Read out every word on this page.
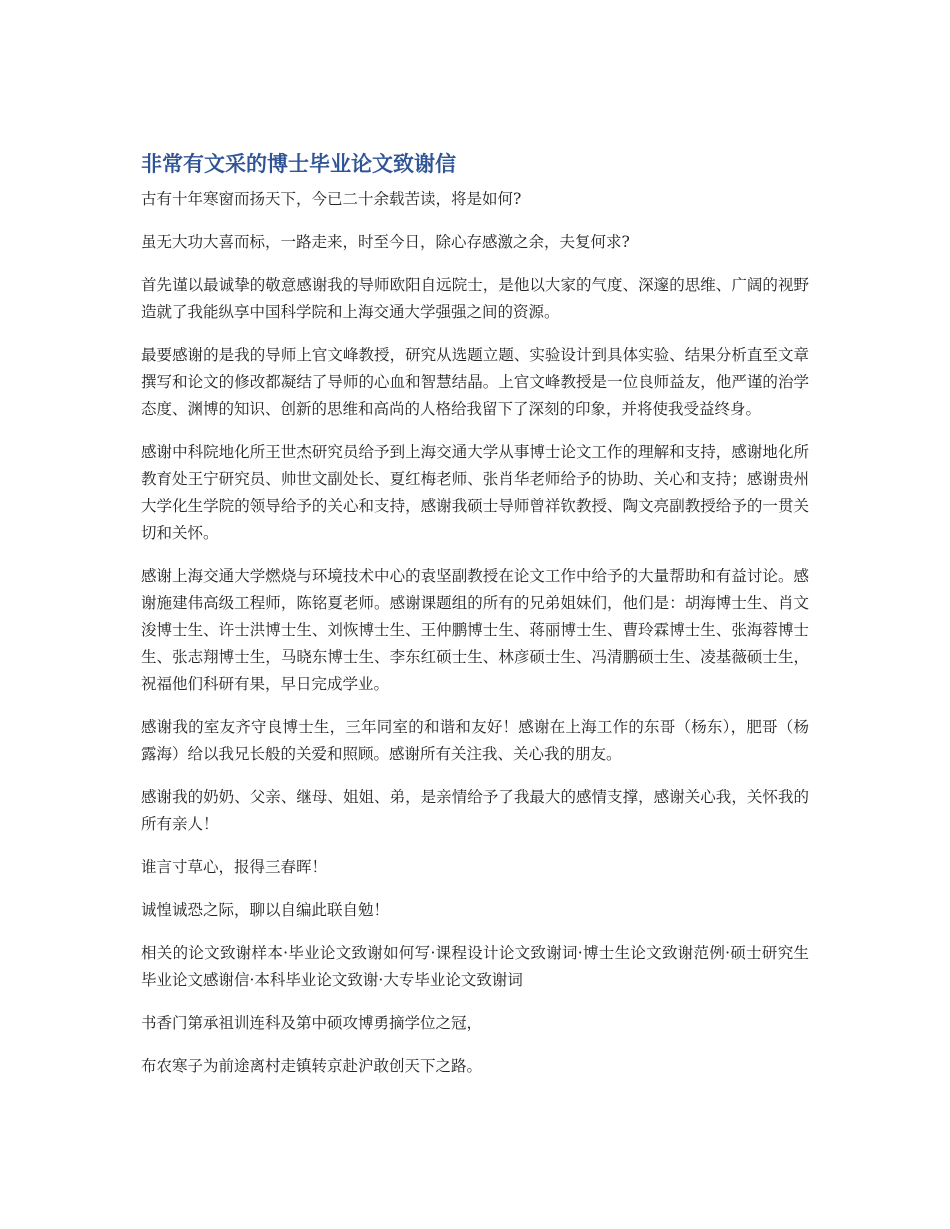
非常有文采的博士毕业论文致谢信

古有十年寒窗而扬天下，今已二十余载苦读，将是如何?

虽无大功大喜而标，一路走来，时至今日，除心存感激之余，夫复何求?

首先谨以最诚挚的敬意感谢我的导师欧阳自远院士，是他以大家的气度、深邃的思维、广阔的视野造就了我能纵享中国科学院和上海交通大学强强之间的资源。

最要感谢的是我的导师上官文峰教授，研究从选题立题、实验设计到具体实验、结果分析直至文章撰写和论文的修改都凝结了导师的心血和智慧结晶。上官文峰教授是一位良师益友，他严谨的治学态度、渊博的知识、创新的思维和高尚的人格给我留下了深刻的印象，并将使我受益终身。

感谢中科院地化所王世杰研究员给予到上海交通大学从事博士论文工作的理解和支持，感谢地化所教育处王宁研究员、帅世文副处长、夏红梅老师、张肖华老师给予的协助、关心和支持；感谢贵州大学化生学院的领导给予的关心和支持，感谢我硕士导师曾祥钦教授、陶文亮副教授给予的一贯关切和关怀。

感谢上海交通大学燃烧与环境技术中心的袁坚副教授在论文工作中给予的大量帮助和有益讨论。感谢施建伟高级工程师，陈铭夏老师。感谢课题组的所有的兄弟姐妹们，他们是：胡海博士生、肖文浚博士生、许士洪博士生、刘恢博士生、王仲鹏博士生、蒋丽博士生、曹玲霖博士生、张海蓉博士生、张志翔博士生，马晓东博士生、李东红硕士生、林彦硕士生、冯清鹏硕士生、凌基薇硕士生，祝福他们科研有果，早日完成学业。

感谢我的室友齐守良博士生，三年同室的和谐和友好！感谢在上海工作的东哥（杨东），肥哥（杨露海）给以我兄长般的关爱和照顾。感谢所有关注我、关心我的朋友。

感谢我的奶奶、父亲、继母、姐姐、弟，是亲情给予了我最大的感情支撑，感谢关心我，关怀我的所有亲人！

谁言寸草心，报得三春晖！

诚惶诚恐之际，聊以自编此联自勉！

相关的论文致谢样本·毕业论文致谢如何写·课程设计论文致谢词·博士生论文致谢范例·硕士研究生毕业论文感谢信·本科毕业论文致谢·大专毕业论文致谢词

书香门第承祖训连科及第中硕攻博勇摘学位之冠，

布农寒子为前途离村走镇转京赴沪敢创天下之路。
